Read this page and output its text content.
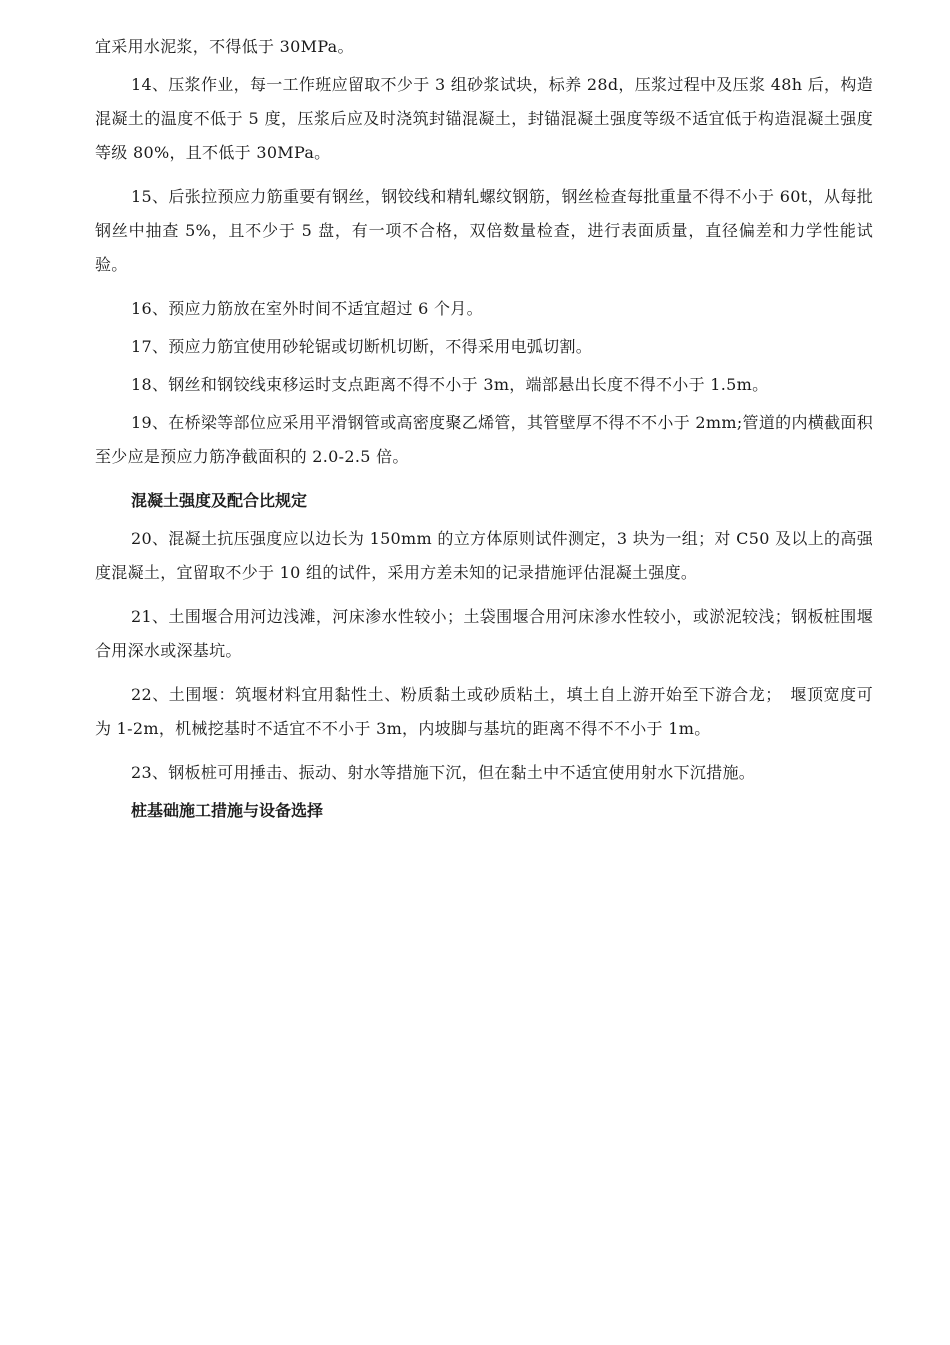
宜采用水泥浆，不得低于 30MPa。

14、压浆作业，每一工作班应留取不少于 3 组砂浆试块，标养 28d，压浆过程中及压浆 48h 后，构造混凝土的温度不低于 5 度，压浆后应及时浇筑封锚混凝土，封锚混凝土强度等级不适宜低于构造混凝土强度等级 80%，且不低于 30MPa。

15、后张拉预应力筋重要有钢丝，钢铰线和精轧螺纹钢筋，钢丝检查每批重量不得不小于 60t，从每批钢丝中抽查 5%，且不少于 5 盘，有一项不合格，双倍数量检查，进行表面质量，直径偏差和力学性能试验。

16、预应力筋放在室外时间不适宜超过 6 个月。

17、预应力筋宜使用砂轮锯或切断机切断，不得采用电弧切割。

18、钢丝和钢铰线束移运时支点距离不得不小于 3m，端部悬出长度不得不小于 1.5m。

19、在桥梁等部位应采用平滑钢管或高密度聚乙烯管，其管壁厚不得不不小于 2mm;管道的内横截面积至少应是预应力筋净截面积的 2.0-2.5 倍。

混凝土强度及配合比规定

20、混凝土抗压强度应以边长为 150mm 的立方体原则试件测定，3 块为一组；对 C50 及以上的高强度混凝土，宜留取不少于 10 组的试件，采用方差未知的记录措施评估混凝土强度。

21、土围堰合用河边浅滩，河床渗水性较小；土袋围堰合用河床渗水性较小，或淤泥较浅；钢板桩围堰合用深水或深基坑。

22、土围堰：筑堰材料宜用黏性土、粉质黏土或砂质粘土，填土自上游开始至下游合龙；　堰顶宽度可为 1-2m，机械挖基时不适宜不不小于 3m，内坡脚与基坑的距离不得不不小于 1m。

23、钢板桩可用捶击、振动、射水等措施下沉，但在黏土中不适宜使用射水下沉措施。

桩基础施工措施与设备选择
